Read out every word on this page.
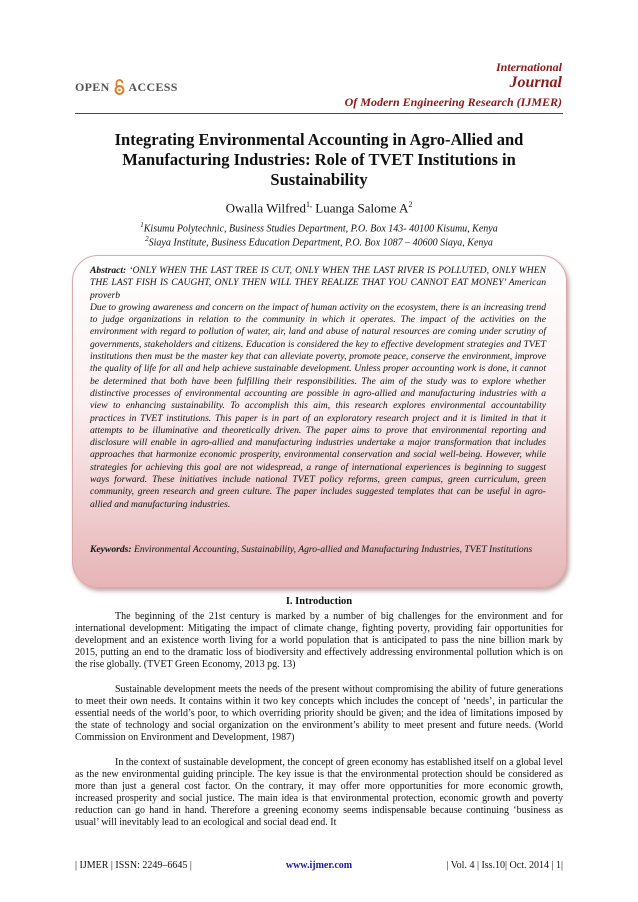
OPEN ACCESS
International
Journal
Of Modern Engineering Research (IJMER)
Integrating Environmental Accounting in Agro-Allied and Manufacturing Industries: Role of TVET Institutions in Sustainability
Owalla Wilfred$^{1,}$ Luanga Salome $A^2$
$^1$Kisumu Polytechnic, Business Studies Department, P.O. Box 143- 40100 Kisumu, Kenya
$^2$Siaya Institute, Business Education Department, P.O. Box 1087 – 40600 Siaya, Kenya
Abstract: ‘ONLY WHEN THE LAST TREE IS CUT, ONLY WHEN THE LAST RIVER IS POLLUTED, ONLY WHEN THE LAST FISH IS CAUGHT, ONLY THEN WILL THEY REALIZE THAT YOU CANNOT EAT MONEY’ American proverb
Due to growing awareness and concern on the impact of human activity on the ecosystem, there is an increasing trend to judge organizations in relation to the community in which it operates. The impact of the activities on the environment with regard to pollution of water, air, land and abuse of natural resources are coming under scrutiny of governments, stakeholders and citizens. Education is considered the key to effective development strategies and TVET institutions then must be the master key that can alleviate poverty, promote peace, conserve the environment, improve the quality of life for all and help achieve sustainable development. Unless proper accounting work is done, it cannot be determined that both have been fulfilling their responsibilities. The aim of the study was to explore whether distinctive processes of environmental accounting are possible in agro-allied and manufacturing industries with a view to enhancing sustainability. To accomplish this aim, this research explores environmental accountability practices in TVET institutions. This paper is in part of an exploratory research project and it is limited in that it attempts to be illuminative and theoretically driven. The paper aims to prove that environmental reporting and disclosure will enable in agro-allied and manufacturing industries undertake a major transformation that includes approaches that harmonize economic prosperity, environmental conservation and social well-being. However, while strategies for achieving this goal are not widespread, a range of international experiences is beginning to suggest ways forward. These initiatives include national TVET policy reforms, green campus, green curriculum, green community, green research and green culture. The paper includes suggested templates that can be useful in agro-allied and manufacturing industries.
Keywords: Environmental Accounting, Sustainability, Agro-allied and Manufacturing Industries, TVET Institutions
I. Introduction
The beginning of the 21st century is marked by a number of big challenges for the environment and for international development: Mitigating the impact of climate change, fighting poverty, providing fair opportunities for development and an existence worth living for a world population that is anticipated to pass the nine billion mark by 2015, putting an end to the dramatic loss of biodiversity and effectively addressing environmental pollution which is on the rise globally. (TVET Green Economy, 2013 pg. 13)
Sustainable development meets the needs of the present without compromising the ability of future generations to meet their own needs. It contains within it two key concepts which includes the concept of ‘needs’, in particular the essential needs of the world’s poor, to which overriding priority should be given; and the idea of limitations imposed by the state of technology and social organization on the environment’s ability to meet present and future needs. (World Commission on Environment and Development, 1987)
In the context of sustainable development, the concept of green economy has established itself on a global level as the new environmental guiding principle. The key issue is that the environmental protection should be considered as more than just a general cost factor. On the contrary, it may offer more opportunities for more economic growth, increased prosperity and social justice. The main idea is that environmental protection, economic growth and poverty reduction can go hand in hand. Therefore a greening economy seems indispensable because continuing ‘business as usual’ will inevitably lead to an ecological and social dead end. It
| IJMER | ISSN: 2249–6645 |	www.ijmer.com	| Vol. 4 | Iss.10| Oct. 2014 | 1|
